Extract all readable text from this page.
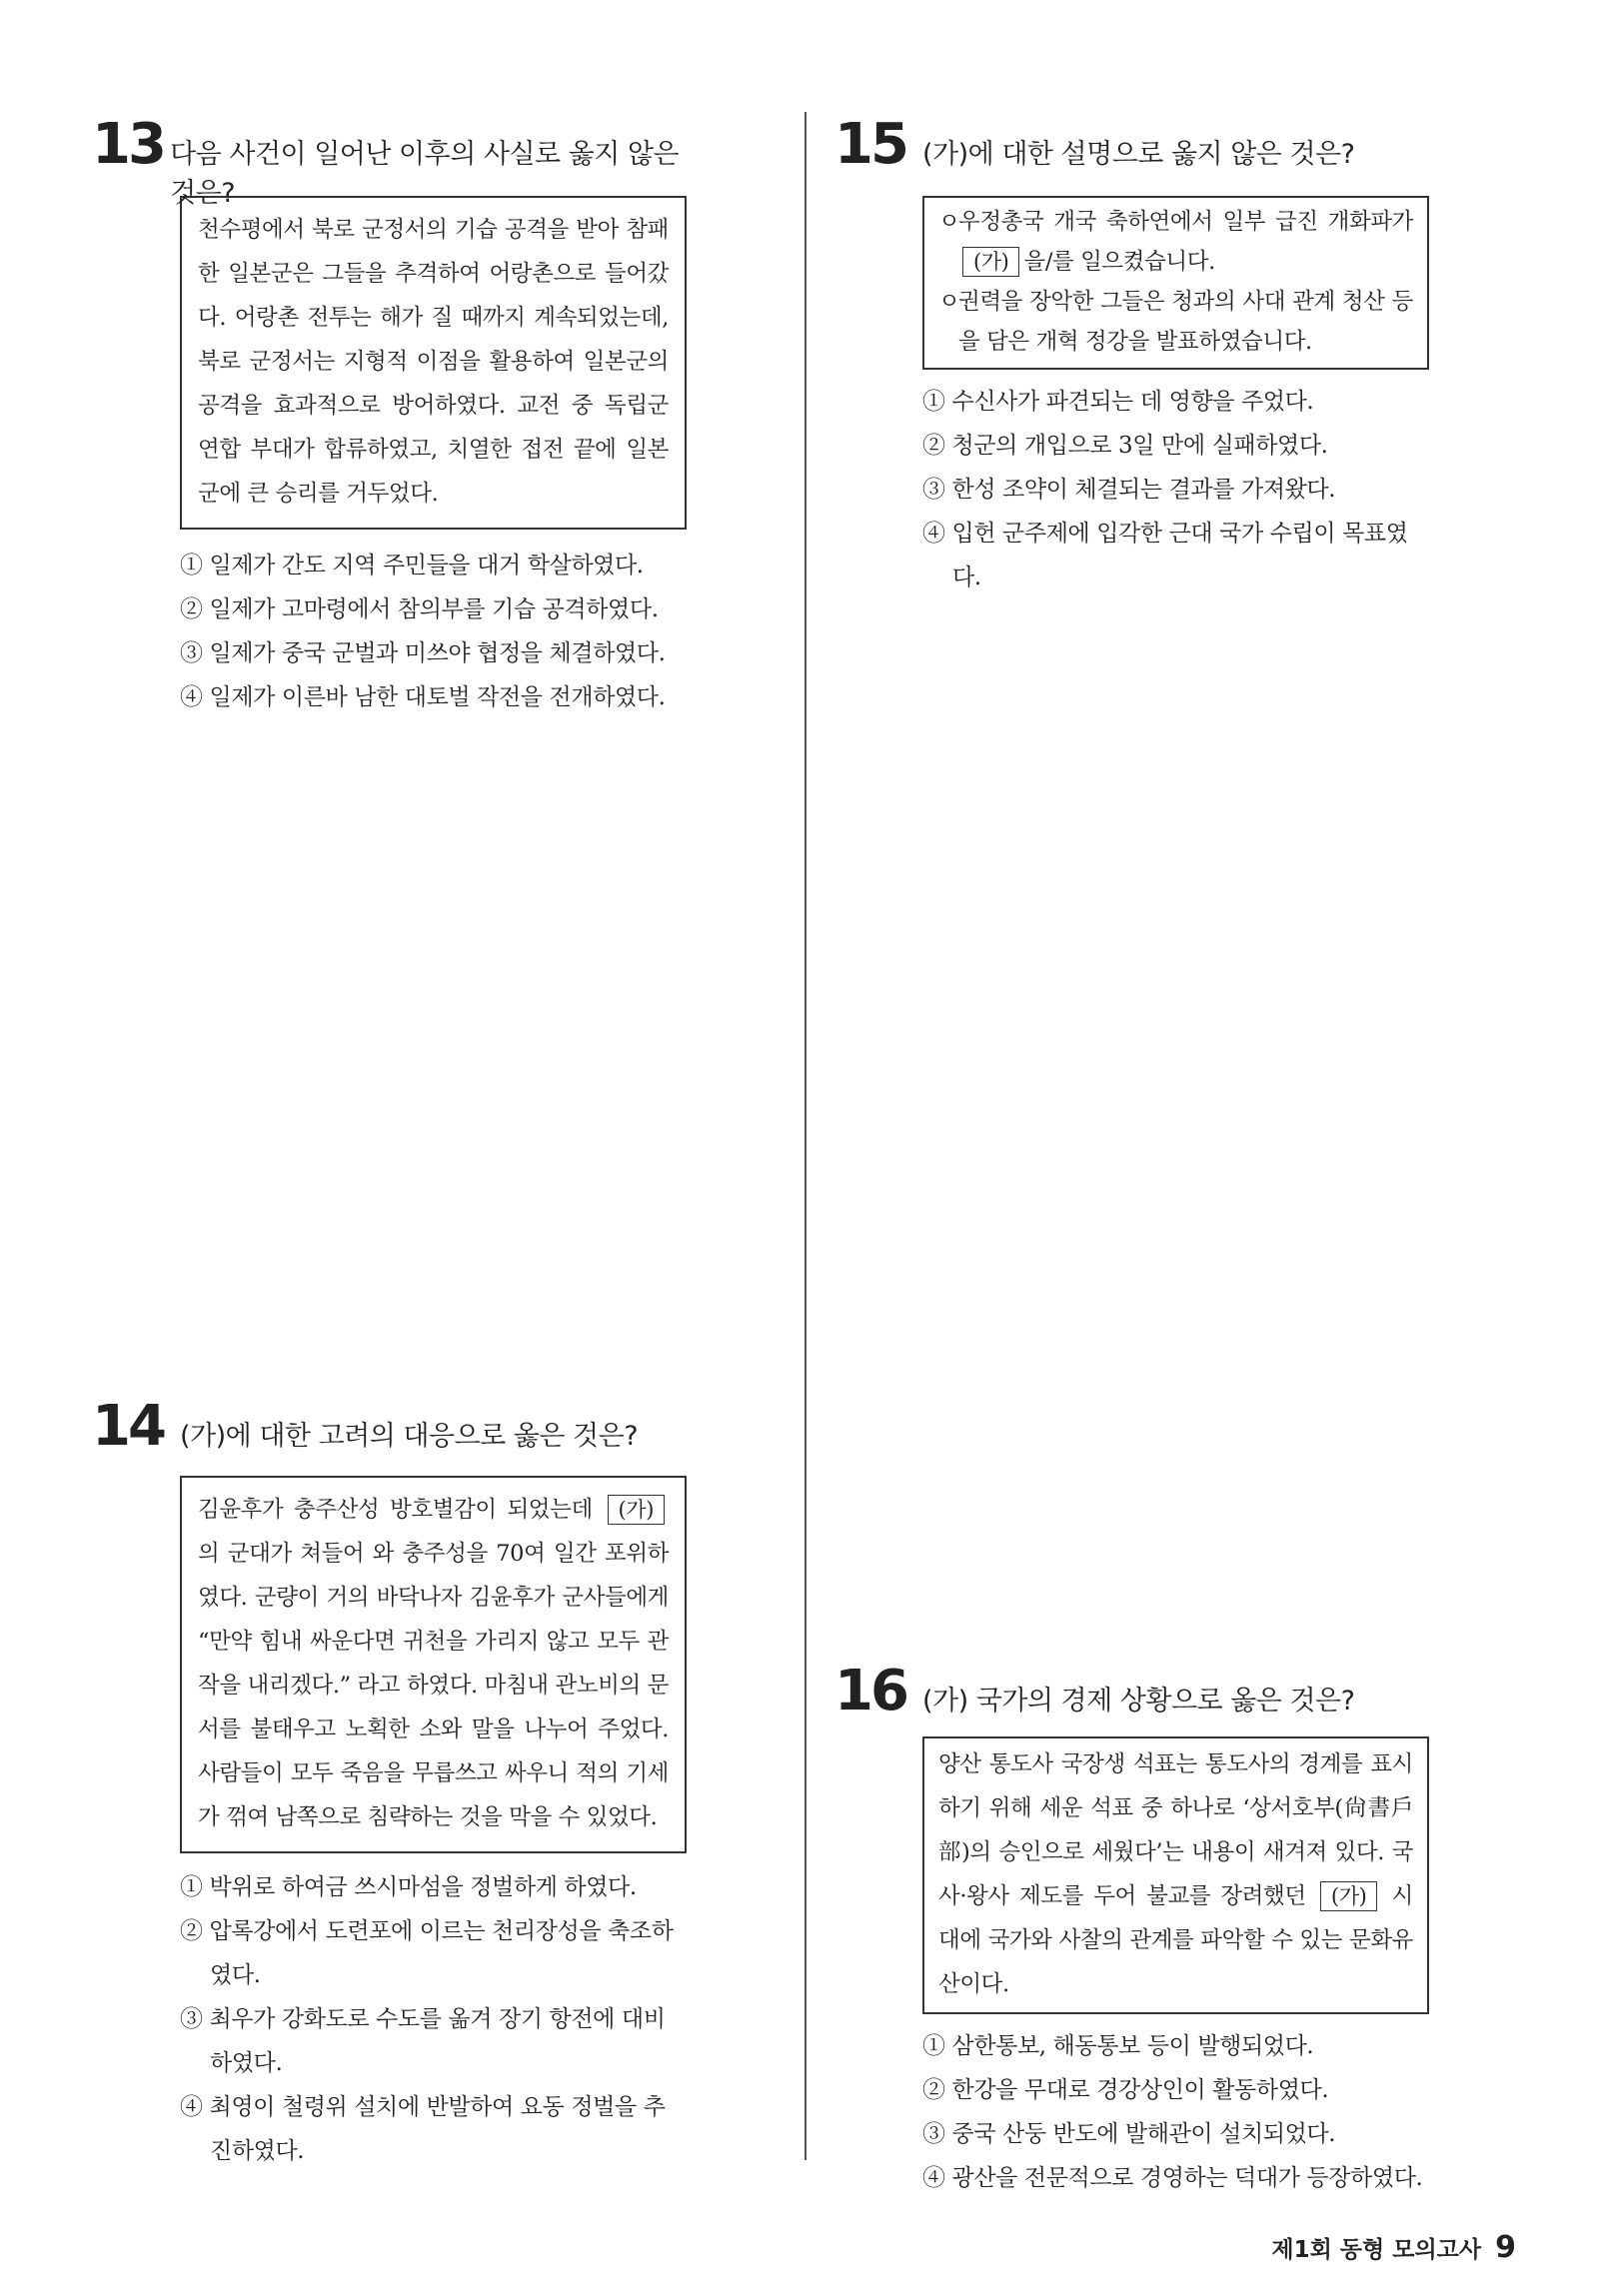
13 다음 사건이 일어난 이후의 사실로 옳지 않은 것은?

천수평에서 북로 군정서의 기습 공격을 받아 참패한 일본군은 그들을 추격하여 어랑촌으로 들어갔다. 어랑촌 전투는 해가 질 때까지 계속되었는데, 북로 군정서는 지형적 이점을 활용하여 일본군의 공격을 효과적으로 방어하였다. 교전 중 독립군 연합 부대가 합류하였고, 치열한 접전 끝에 일본군에 큰 승리를 거두었다.

① 일제가 간도 지역 주민들을 대거 학살하였다.
② 일제가 고마령에서 참의부를 기습 공격하였다.
③ 일제가 중국 군벌과 미쓰야 협정을 체결하였다.
④ 일제가 이른바 남한 대토벌 작전을 전개하였다.
14 (가)에 대한 고려의 대응으로 옳은 것은?

김윤후가 충주산성 방호별감이 되었는데 (가) 의 군대가 쳐들어 와 충주성을 70여 일간 포위하였다. 군량이 거의 바닥나자 김윤후가 군사들에게 “만약 힘내 싸운다면 귀천을 가리지 않고 모두 관작을 내리겠다.” 라고 하였다. 마침내 관노비의 문서를 불태우고 노획한 소와 말을 나누어 주었다. 사람들이 모두 죽음을 무릅쓰고 싸우니 적의 기세가 꺾여 남쪽으로 침략하는 것을 막을 수 있었다.

① 박위로 하여금 쓰시마섬을 정벌하게 하였다.
② 압록강에서 도련포에 이르는 천리장성을 축조하였다.
③ 최우가 강화도로 수도를 옮겨 장기 항전에 대비하였다.
④ 최영이 철령위 설치에 반발하여 요동 정벌을 추진하였다.
15 (가)에 대한 설명으로 옳지 않은 것은?
ㅇ
우정총국 개국 축하연에서 일부 급진 개화파가 (가) 을/를 일으켰습니다.
ㅇ
권력을 장악한 그들은 청과의 사대 관계 청산 등을 담은 개혁 정강을 발표하였습니다.
① 수신사가 파견되는 데 영향을 주었다.
② 청군의 개입으로 3일 만에 실패하였다.
③ 한성 조약이 체결되는 결과를 가져왔다.
④ 입헌 군주제에 입각한 근대 국가 수립이 목표였다.
16 (가) 국가의 경제 상황으로 옳은 것은?

양산 통도사 국장생 석표는 통도사의 경계를 표시하기 위해 세운 석표 중 하나로 ‘상서호부(尙書戶部)의 승인으로 세웠다’는 내용이 새겨져 있다. 국사·왕사 제도를 두어 불교를 장려했던 (가) 시대에 국가와 사찰의 관계를 파악할 수 있는 문화유산이다.

① 삼한통보, 해동통보 등이 발행되었다.
② 한강을 무대로 경강상인이 활동하였다.
③ 중국 산둥 반도에 발해관이 설치되었다.
④ 광산을 전문적으로 경영하는 덕대가 등장하였다.
제1회 동형 모의고사 9
